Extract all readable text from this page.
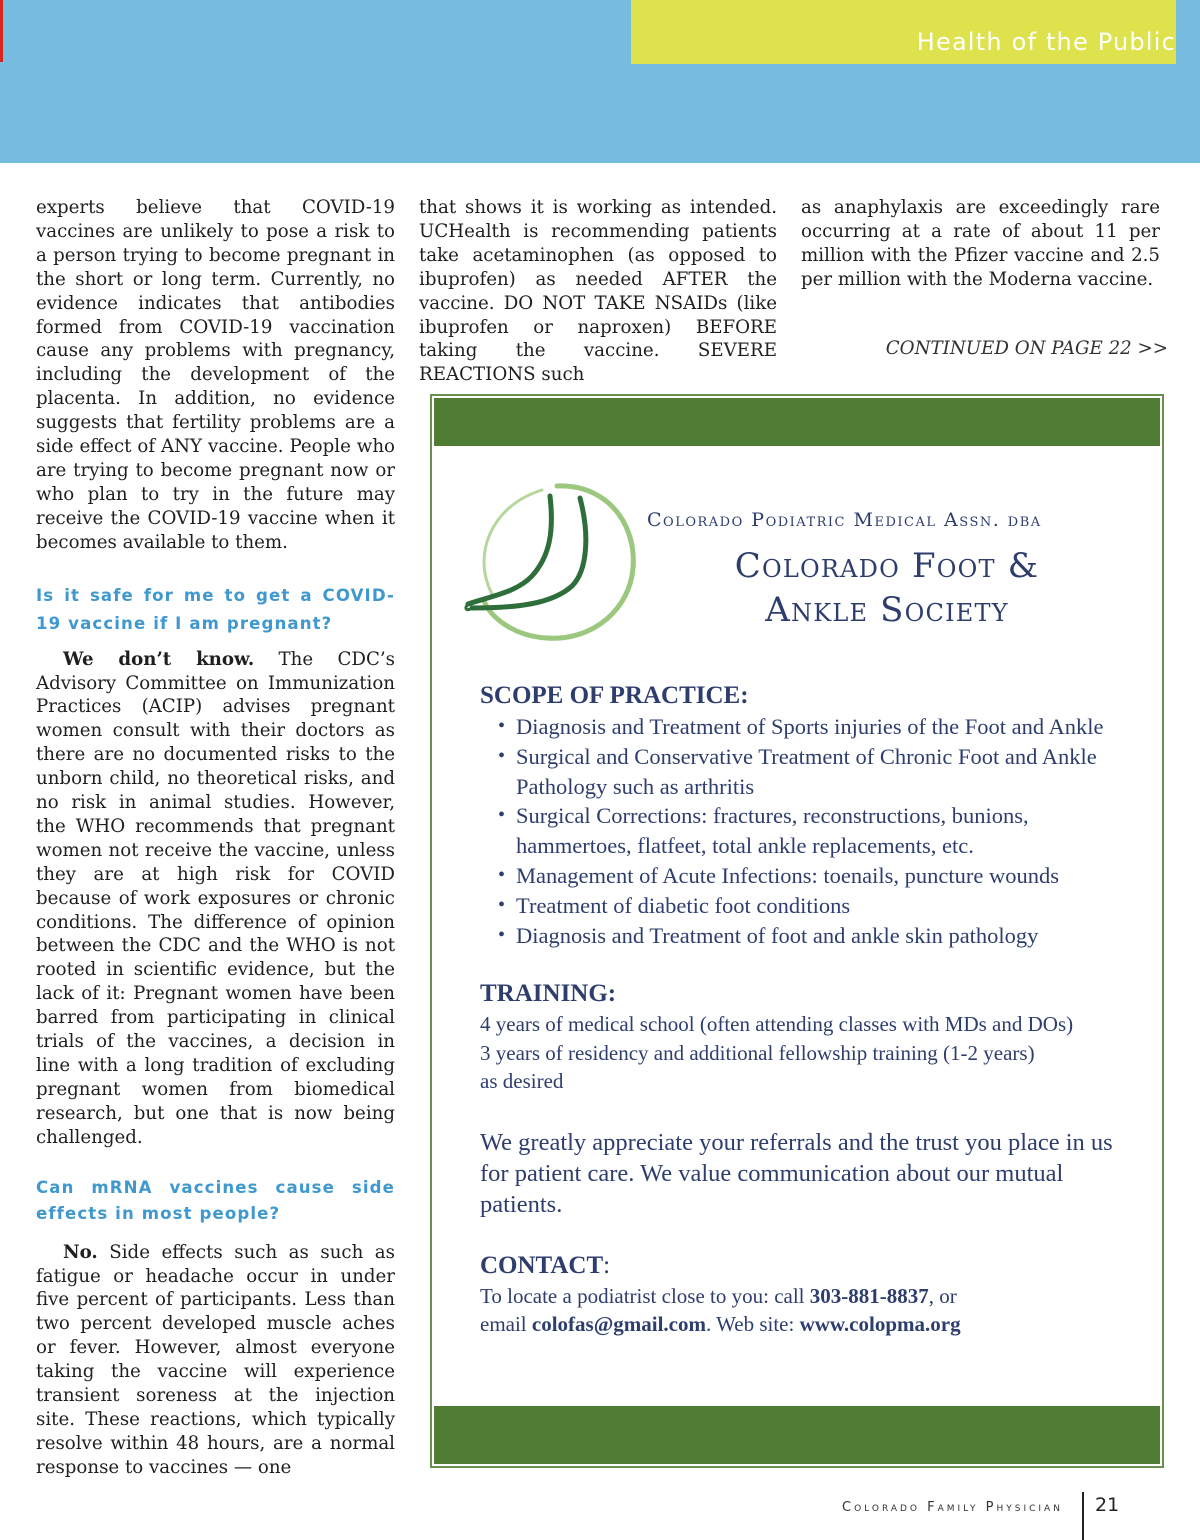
Health of the Public

experts believe that COVID-19 vaccines are unlikely to pose a risk to a person trying to become pregnant in the short or long term. Currently, no evidence indicates that antibodies formed from COVID-19 vaccination cause any problems with pregnancy, including the development of the placenta. In addition, no evidence suggests that fertility problems are a side effect of ANY vaccine. People who are trying to become pregnant now or who plan to try in the future may receive the COVID-19 vaccine when it becomes available to them.

Is it safe for me to get a COVID-19 vaccine if I am pregnant?

We don’t know. The CDC’s Advisory Committee on Immunization Practices (ACIP) advises pregnant women consult with their doctors as there are no documented risks to the unborn child, no theoretical risks, and no risk in animal studies. However, the WHO recommends that pregnant women not receive the vaccine, unless they are at high risk for COVID because of work exposures or chronic conditions. The difference of opinion between the CDC and the WHO is not rooted in scientific evidence, but the lack of it: Pregnant women have been barred from participating in clinical trials of the vaccines, a decision in line with a long tradition of excluding pregnant women from biomedical research, but one that is now being challenged.

Can mRNA vaccines cause side effects in most people?

No. Side effects such as such as fatigue or headache occur in under five percent of participants. Less than two percent developed muscle aches or fever. However, almost everyone taking the vaccine will experience transient soreness at the injection site. These reactions, which typically resolve within 48 hours, are a normal response to vaccines — one

that shows it is working as intended. UCHealth is recommending patients take acetaminophen (as opposed to ibuprofen) as needed AFTER the vaccine. DO NOT TAKE NSAIDs (like ibuprofen or naproxen) BEFORE taking the vaccine. SEVERE REACTIONS such

as anaphylaxis are exceedingly rare occurring at a rate of about 11 per million with the Pfizer vaccine and 2.5 per million with the Moderna vaccine.

CONTINUED ON PAGE 22 >>
Colorado Podiatric Medical Assn. dba
Colorado Foot &
Ankle Society
SCOPE OF PRACTICE:
• Diagnosis and Treatment of Sports injuries of the Foot and Ankle
• Surgical and Conservative Treatment of Chronic Foot and Ankle Pathology such as arthritis
• Surgical Corrections: fractures, reconstructions, bunions, hammertoes, flatfeet, total ankle replacements, etc.
• Management of Acute Infections: toenails, puncture wounds
• Treatment of diabetic foot conditions
• Diagnosis and Treatment of foot and ankle skin pathology
TRAINING:

4 years of medical school (often attending classes with MDs and DOs)

3 years of residency and additional fellowship training (1-2 years)

as desired

We greatly appreciate your referrals and the trust you place in us for patient care. We value communication about our mutual patients.

CONTACT:

To locate a podiatrist close to you: call 303-881-8837, or

email colofas@gmail.com. Web site: www.colopma.org

Colorado Family Physician	21
